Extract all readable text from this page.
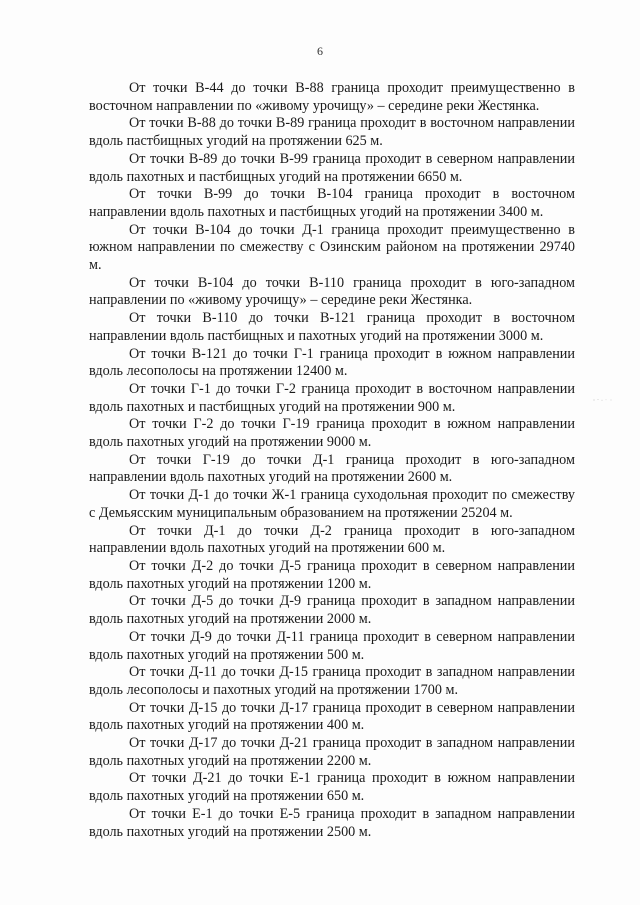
6

От точки В-44 до точки В-88 граница проходит преимущественно в восточном направлении по «живому урочищу» – середине реки Жестянка.

От точки В-88 до точки В-89 граница проходит в восточном направлении вдоль пастбищных угодий на протяжении 625 м.

От точки В-89 до точки В-99 граница проходит в северном направлении вдоль пахотных и пастбищных угодий на протяжении 6650 м.

От точки В-99 до точки В-104 граница проходит в восточном направлении вдоль пахотных и пастбищных угодий на протяжении 3400 м.

От точки В-104 до точки Д-1 граница проходит преимущественно в южном направлении по смежеству с Озинским районом на протяжении 29740 м.

От точки В-104 до точки В-110 граница проходит в юго-западном направлении по «живому урочищу» – середине реки Жестянка.

От точки В-110 до точки В-121 граница проходит в восточном направлении вдоль пастбищных и пахотных угодий на протяжении 3000 м.

От точки В-121 до точки Г-1 граница проходит в южном направлении вдоль лесополосы на протяжении 12400 м.

От точки Г-1 до точки Г-2 граница проходит в восточном направлении вдоль пахотных и пастбищных угодий на протяжении 900 м.

От точки Г-2 до точки Г-19 граница проходит в южном направлении вдоль пахотных угодий на протяжении 9000 м.

От точки Г-19 до точки Д-1 граница проходит в юго-западном направлении вдоль пахотных угодий на протяжении 2600 м.

От точки Д-1 до точки Ж-1 граница суходольная проходит по смежеству с Демьясским муниципальным образованием на протяжении 25204 м.

От точки Д-1 до точки Д-2 граница проходит в юго-западном направлении вдоль пахотных угодий на протяжении 600 м.

От точки Д-2 до точки Д-5 граница проходит в северном направлении вдоль пахотных угодий на протяжении 1200 м.

От точки Д-5 до точки Д-9 граница проходит в западном направлении вдоль пахотных угодий на протяжении 2000 м.

От точки Д-9 до точки Д-11 граница проходит в северном направлении вдоль пахотных угодий на протяжении 500 м.

От точки Д-11 до точки Д-15 граница проходит в западном направлении вдоль лесополосы и пахотных угодий на протяжении 1700 м.

От точки Д-15 до точки Д-17 граница проходит в северном направлении вдоль пахотных угодий на протяжении 400 м.

От точки Д-17 до точки Д-21 граница проходит в западном направлении вдоль пахотных угодий на протяжении 2200 м.

От точки Д-21 до точки Е-1 граница проходит в южном направлении вдоль пахотных угодий на протяжении 650 м.

От точки Е-1 до точки Е-5 граница проходит в западном направлении вдоль пахотных угодий на протяжении 2500 м.
